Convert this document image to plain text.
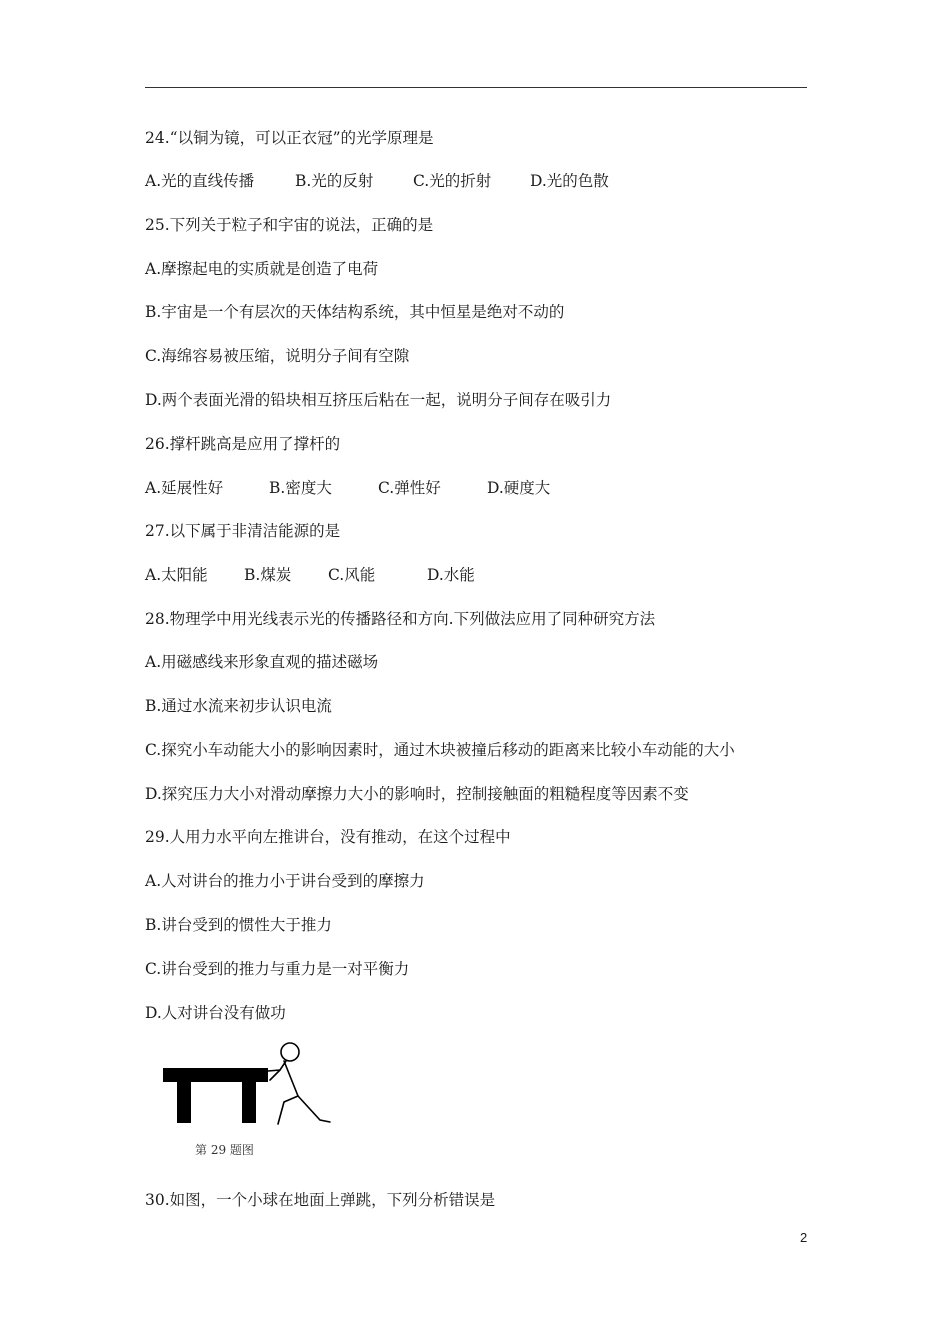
24.“以铜为镜，可以正衣冠”的光学原理是
A.光的直线传播	B.光的反射	C.光的折射	D.光的色散
25.下列关于粒子和宇宙的说法，正确的是
A.摩擦起电的实质就是创造了电荷
B.宇宙是一个有层次的天体结构系统，其中恒星是绝对不动的
C.海绵容易被压缩，说明分子间有空隙
D.两个表面光滑的铅块相互挤压后粘在一起，说明分子间存在吸引力
26.撑杆跳高是应用了撑杆的
A.延展性好	B.密度大	C.弹性好	D.硬度大
27.以下属于非清洁能源的是
A.太阳能 B.煤炭 C.风能	D.水能
28.物理学中用光线表示光的传播路径和方向.下列做法应用了同种研究方法
A.用磁感线来形象直观的描述磁场
B.通过水流来初步认识电流
C.探究小车动能大小的影响因素时，通过木块被撞后移动的距离来比较小车动能的大小
D.探究压力大小对滑动摩擦力大小的影响时，控制接触面的粗糙程度等因素不变
29.人用力水平向左推讲台，没有推动，在这个过程中
A.人对讲台的推力小于讲台受到的摩擦力
B.讲台受到的惯性大于推力
C.讲台受到的推力与重力是一对平衡力
D.人对讲台没有做功
第 29 题图
30.如图，一个小球在地面上弹跳，下列分析错误是
2
